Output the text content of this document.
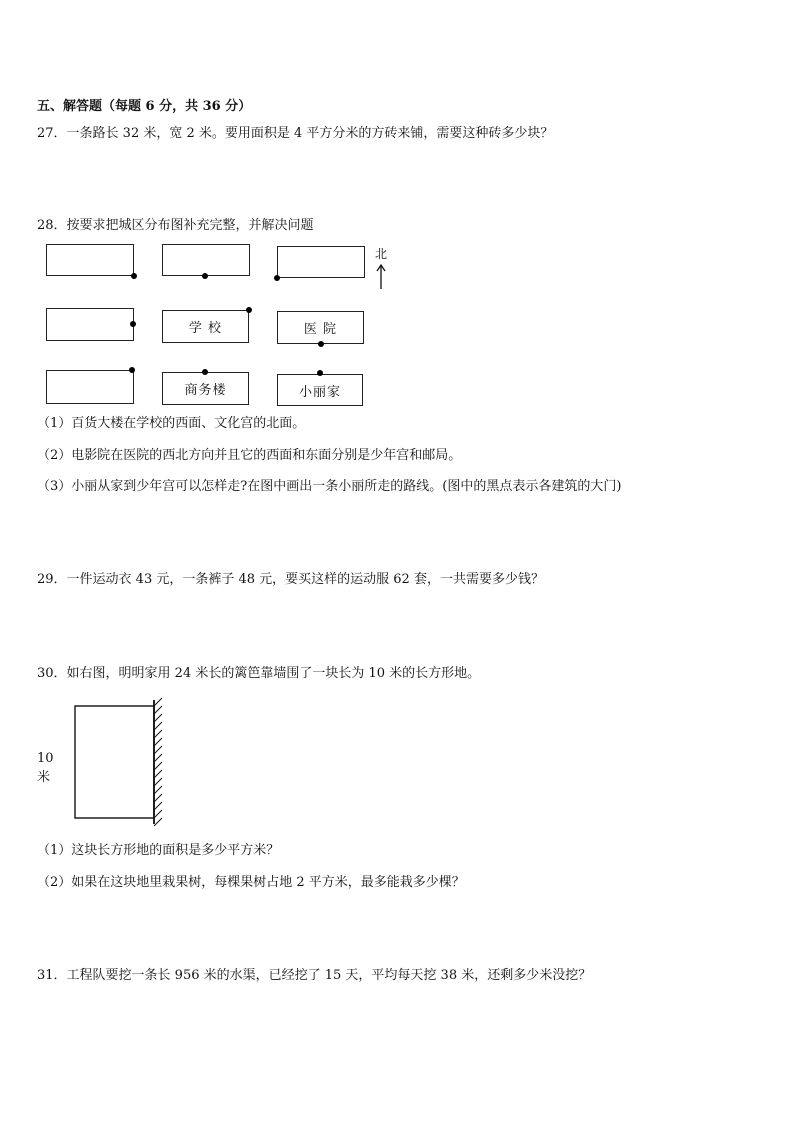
五、解答题（每题 6 分，共 36 分）
27．一条路长 32 米，宽 2 米。要用面积是 4 平方分米的方砖来铺，需要这种砖多少块？
28．按要求把城区分布图补充完整，并解决问题
学 校	医 院
商务楼	小丽家
北
（1）百货大楼在学校的西面、文化宫的北面。
（2）电影院在医院的西北方向并且它的西面和东面分别是少年宫和邮局。
（3）小丽从家到少年宫可以怎样走?在图中画出一条小丽所走的路线。(图中的黑点表示各建筑的大门)
29．一件运动衣 43 元，一条裤子 48 元，要买这样的运动服 62 套，一共需要多少钱？
30．如右图，明明家用 24 米长的篱笆靠墙围了一块长为 10 米的长方形地。
10米
（1）这块长方形地的面积是多少平方米？
（2）如果在这块地里栽果树，每棵果树占地 2 平方米，最多能栽多少棵？
31．工程队要挖一条长 956 米的水渠，已经挖了 15 天，平均每天挖 38 米，还剩多少米没挖？
